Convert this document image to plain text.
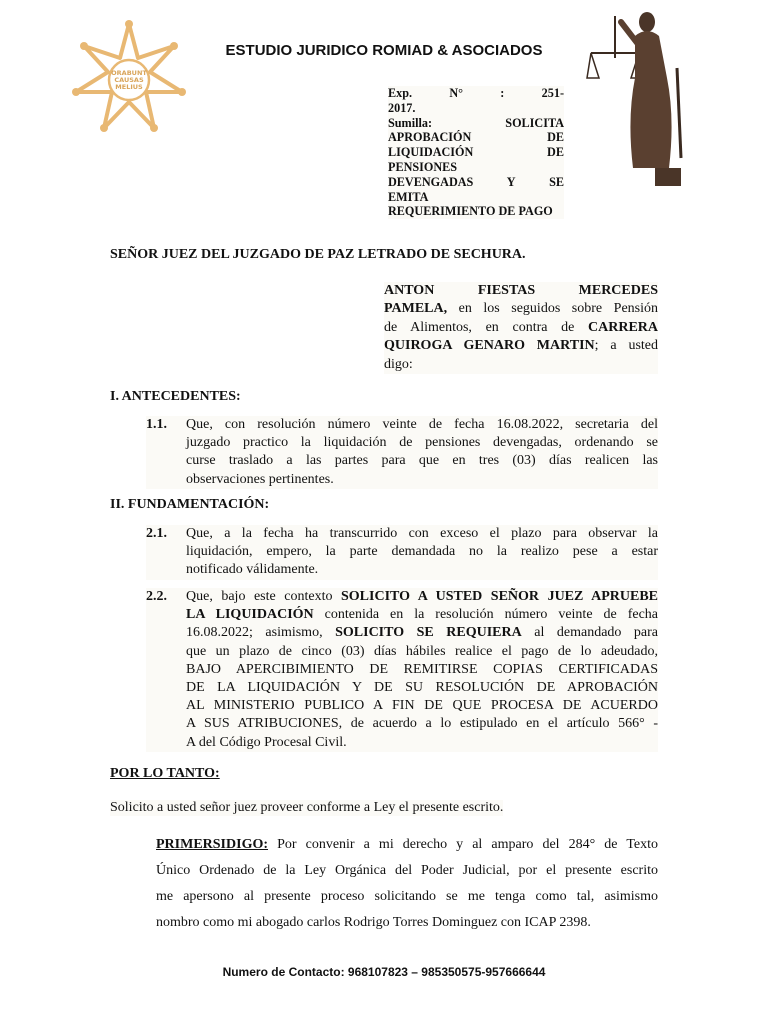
ORABUNT
CAUSAS
MELIUS
ESTUDIO JURIDICO ROMIAD & ASOCIADOS
Exp. N° : 251-
2017.
Sumilla: SOLICITA
APROBACIÓN DE
LIQUIDACIÓN DE
PENSIONES
DEVENGADAS Y SE
EMITA
REQUERIMIENTO DE PAGO
SEÑOR JUEZ DEL JUZGADO DE PAZ LETRADO DE SECHURA.
ANTON FIESTAS MERCEDES
PAMELA, en los seguidos sobre Pensión
de Alimentos, en contra de CARRERA
QUIROGA GENARO MARTIN; a usted
digo:
I. ANTECEDENTES:
1.1. Que, con resolución número veinte de fecha 16.08.2022, secretaria del
juzgado practico la liquidación de pensiones devengadas, ordenando se
curse traslado a las partes para que en tres (03) días realicen las
observaciones pertinentes.
II. FUNDAMENTACIÓN:
2.1. Que, a la fecha ha transcurrido con exceso el plazo para observar la
liquidación, empero, la parte demandada no la realizo pese a estar
notificado válidamente.
2.2. Que, bajo este contexto SOLICITO A USTED SEÑOR JUEZ APRUEBE
LA LIQUIDACIÓN contenida en la resolución número veinte de fecha
16.08.2022; asimismo, SOLICITO SE REQUIERA al demandado para
que un plazo de cinco (03) días hábiles realice el pago de lo adeudado,
BAJO APERCIBIMIENTO DE REMITIRSE COPIAS CERTIFICADAS
DE LA LIQUIDACIÓN Y DE SU RESOLUCIÓN DE APROBACIÓN
AL MINISTERIO PUBLICO A FIN DE QUE PROCESA DE ACUERDO
A SUS ATRIBUCIONES, de acuerdo a lo estipulado en el artículo 566° -
A del Código Procesal Civil.
POR LO TANTO:
Solicito a usted señor juez proveer conforme a Ley el presente escrito.
PRIMERSIDIGO: Por convenir a mi derecho y al amparo del 284° de Texto
Único Ordenado de la Ley Orgánica del Poder Judicial, por el presente escrito
me apersono al presente proceso solicitando se me tenga como tal, asimismo
nombro como mi abogado carlos Rodrigo Torres Dominguez con ICAP 2398.
Numero de Contacto: 968107823 – 985350575-957666644
